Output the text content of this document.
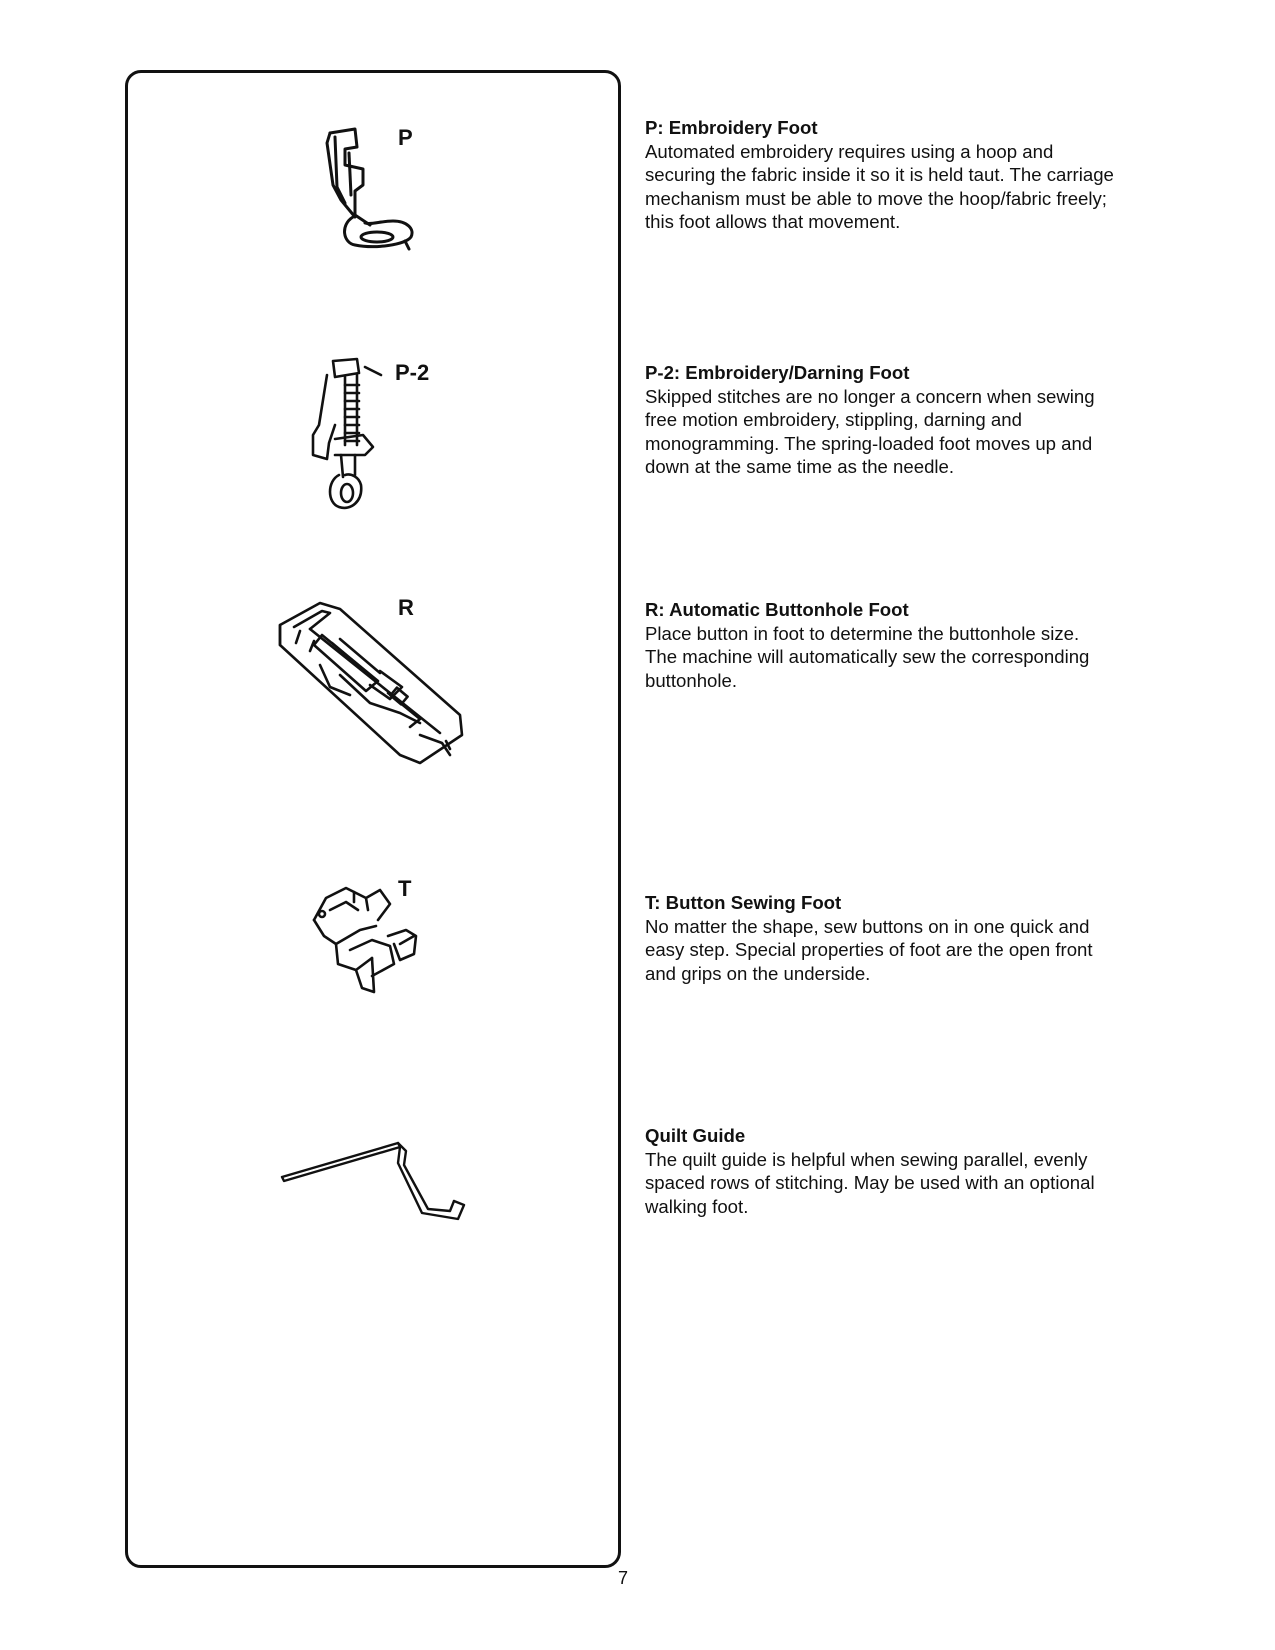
P
P-2
R
T
P: Embroidery Foot

Automated embroidery requires using a hoop and

securing the fabric inside it so it is held taut. The carriage

mechanism must be able to move the hoop/fabric freely;

this foot allows that movement.

P-2: Embroidery/Darning Foot

Skipped stitches are no longer a concern when sewing

free motion embroidery, stippling, darning and

monogramming. The spring-loaded foot moves up and

down at the same time as the needle.

R: Automatic Buttonhole Foot

Place button in foot to determine the buttonhole size.

The machine will automatically sew the corresponding

buttonhole.

T: Button Sewing Foot

No matter the shape, sew buttons on in one quick and

easy step. Special properties of foot are the open front

and grips on the underside.

Quilt Guide

The quilt guide is helpful when sewing parallel, evenly

spaced rows of stitching. May be used with an optional

walking foot.

7
